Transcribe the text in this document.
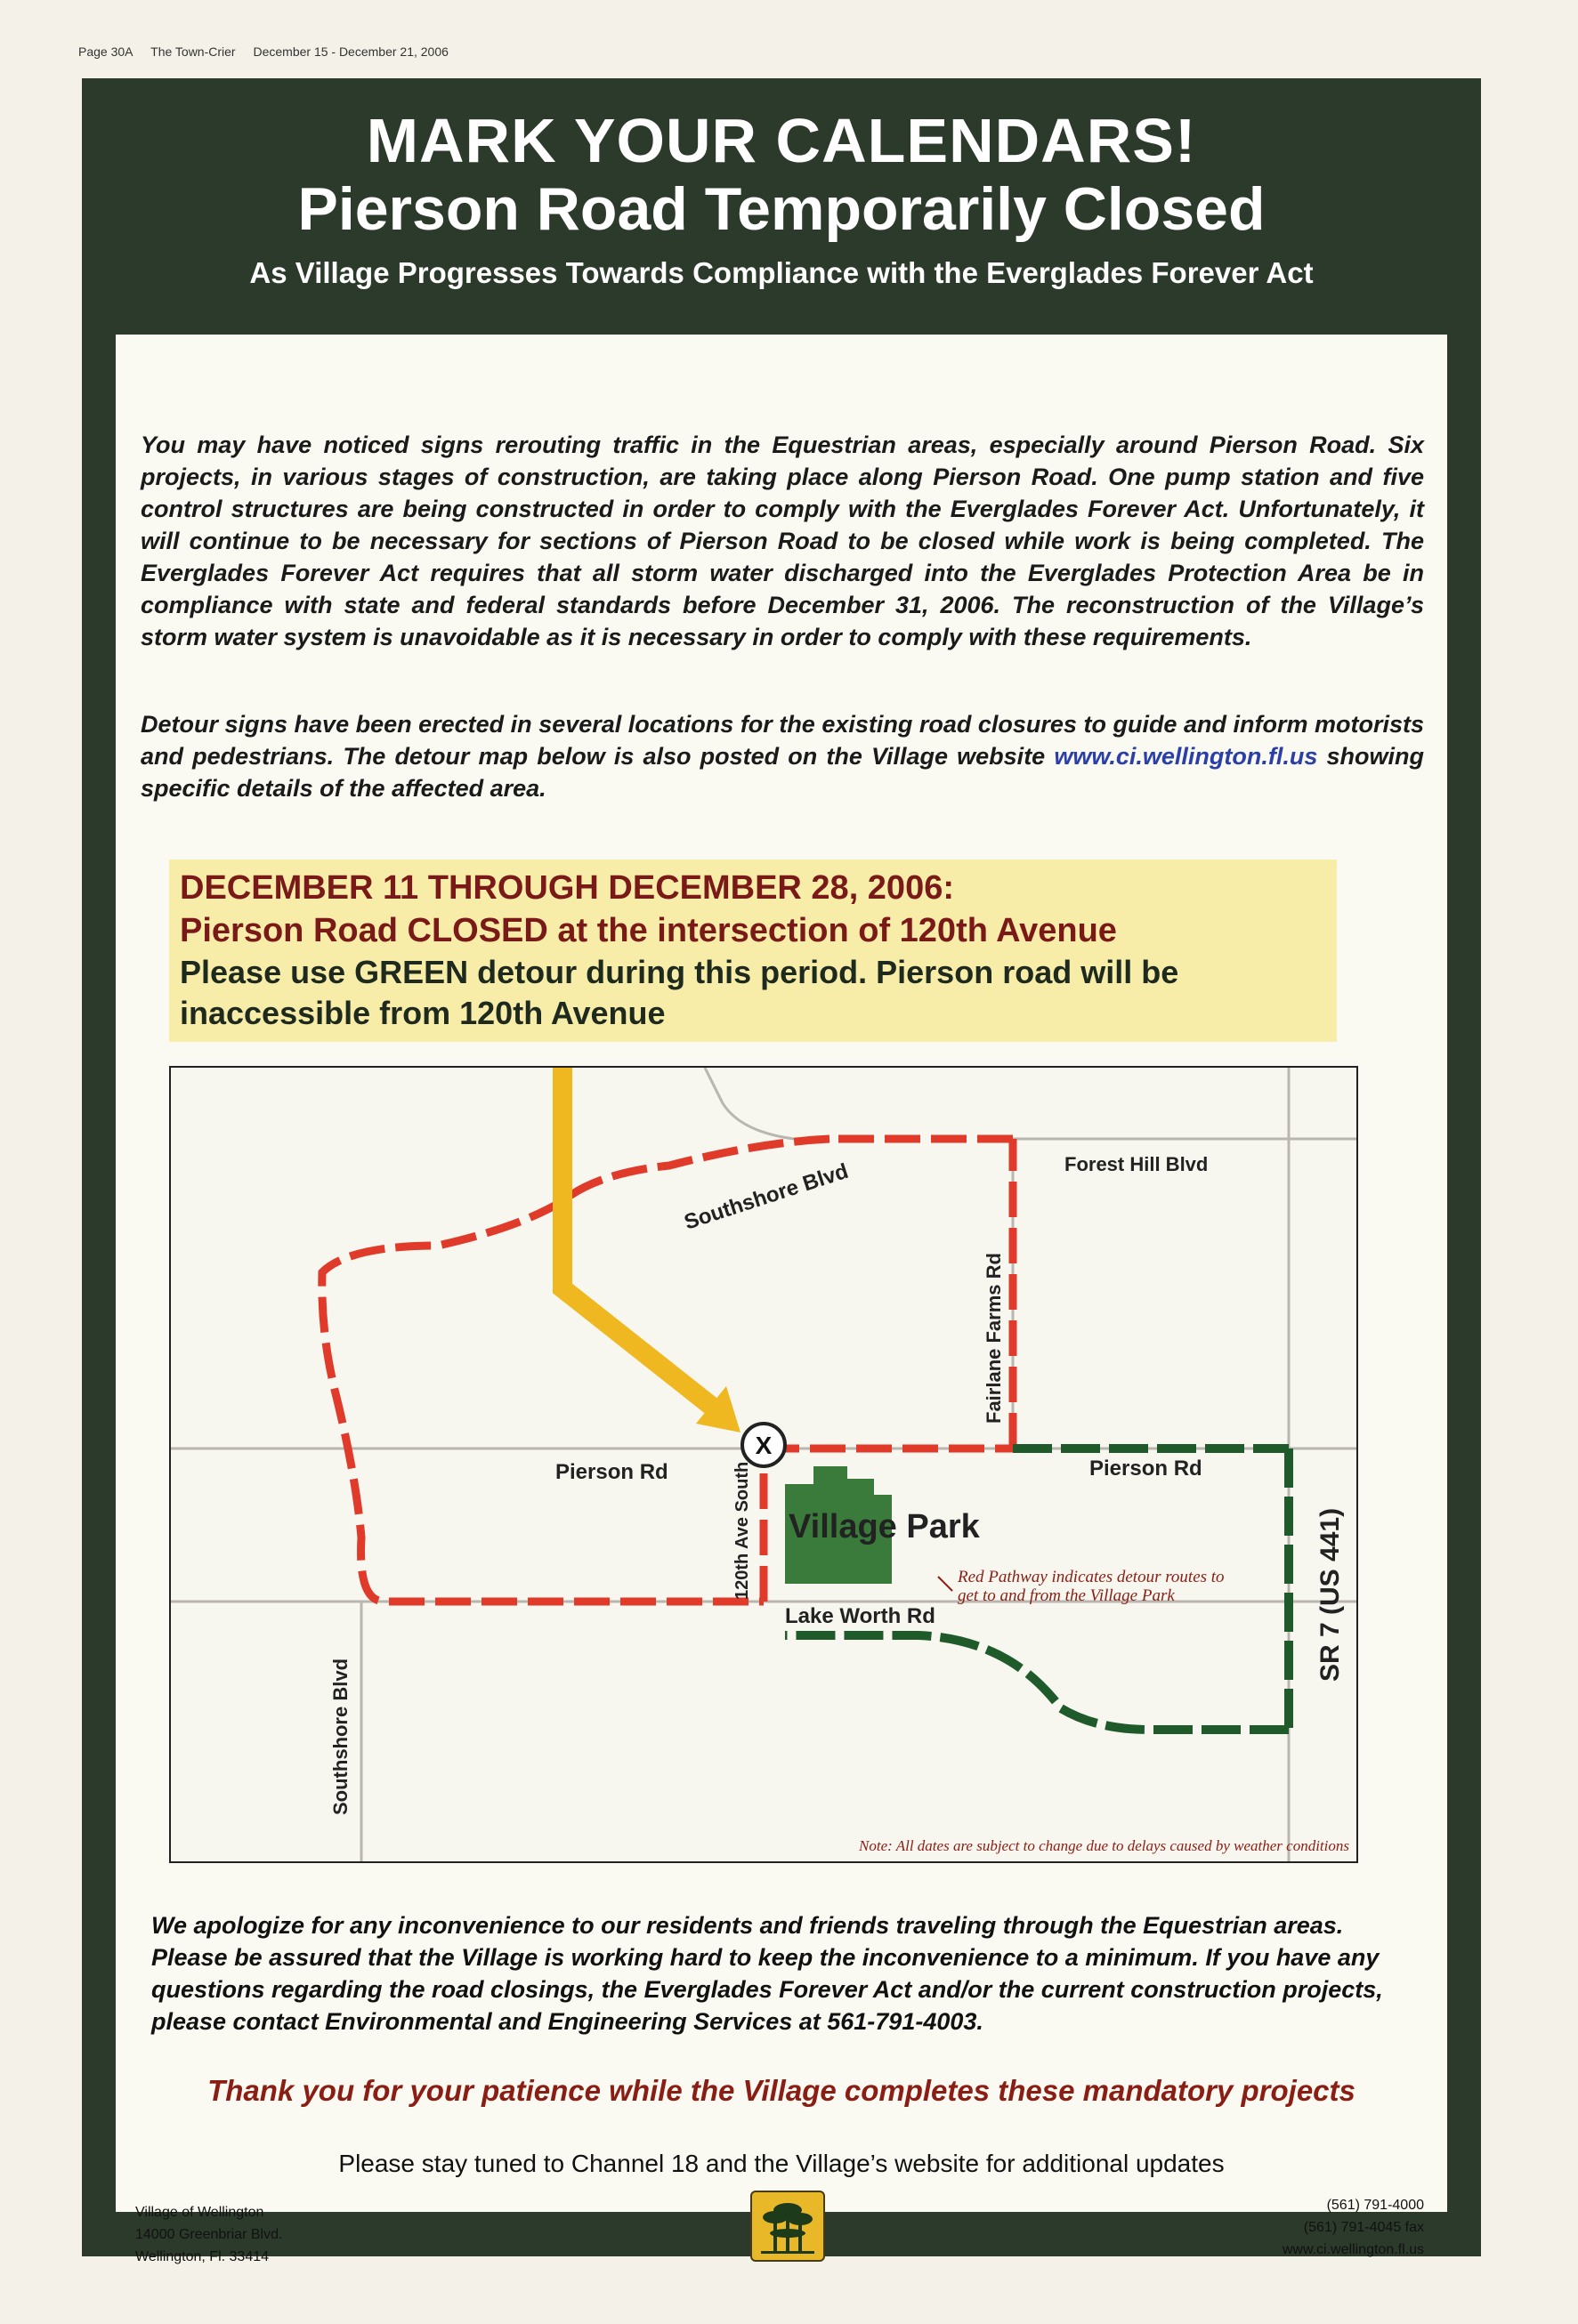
Page 30A The Town-Crier December 15 - December 21, 2006
MARK YOUR CALENDARS!
Pierson Road Temporarily Closed
As Village Progresses Towards Compliance with the Everglades Forever Act

You may have noticed signs rerouting traffic in the Equestrian areas, especially around Pierson Road. Six projects, in various stages of construction, are taking place along Pierson Road. One pump station and five control structures are being constructed in order to comply with the Everglades Forever Act. Unfortunately, it will continue to be necessary for sections of Pierson Road to be closed while work is being completed. The Everglades Forever Act requires that all storm water discharged into the Everglades Protection Area be in compliance with state and federal standards before December 31, 2006. The reconstruction of the Village’s storm water system is unavoidable as it is necessary in order to comply with these requirements.

Detour signs have been erected in several locations for the existing road closures to guide and inform motorists and pedestrians. The detour map below is also posted on the Village website www.ci.wellington.fl.us showing specific details of the affected area.

DECEMBER 11 THROUGH DECEMBER 28, 2006:
Pierson Road CLOSED at the intersection of 120th Avenue
Please use GREEN detour during this period. Pierson road will be inaccessible from 120th Avenue
X
Southshore Blvd	Forest Hill Blvd
Fairlane Farms Rd
Pierson Rd	Pierson Rd
Village Park
120th Ave South
Southshore Blvd
SR 7 (US 441)
Lake Worth Rd
Red Pathway indicates detour routes to get to and from the Village Park
Note: All dates are subject to change due to delays caused by weather conditions

We apologize for any inconvenience to our residents and friends traveling through the Equestrian areas. Please be assured that the Village is working hard to keep the inconvenience to a minimum. If you have any questions regarding the road closings, the Everglades Forever Act and/or the current construction projects, please contact Environmental and Engineering Services at 561-791-4003.

Thank you for your patience while the Village completes these mandatory projects
Please stay tuned to Channel 18 and the Village’s website for additional updates
Village of Wellington
14000 Greenbriar Blvd.
Wellington, Fl. 33414
(561) 791-4000
(561) 791-4045 fax
www.ci.wellington.fl.us
